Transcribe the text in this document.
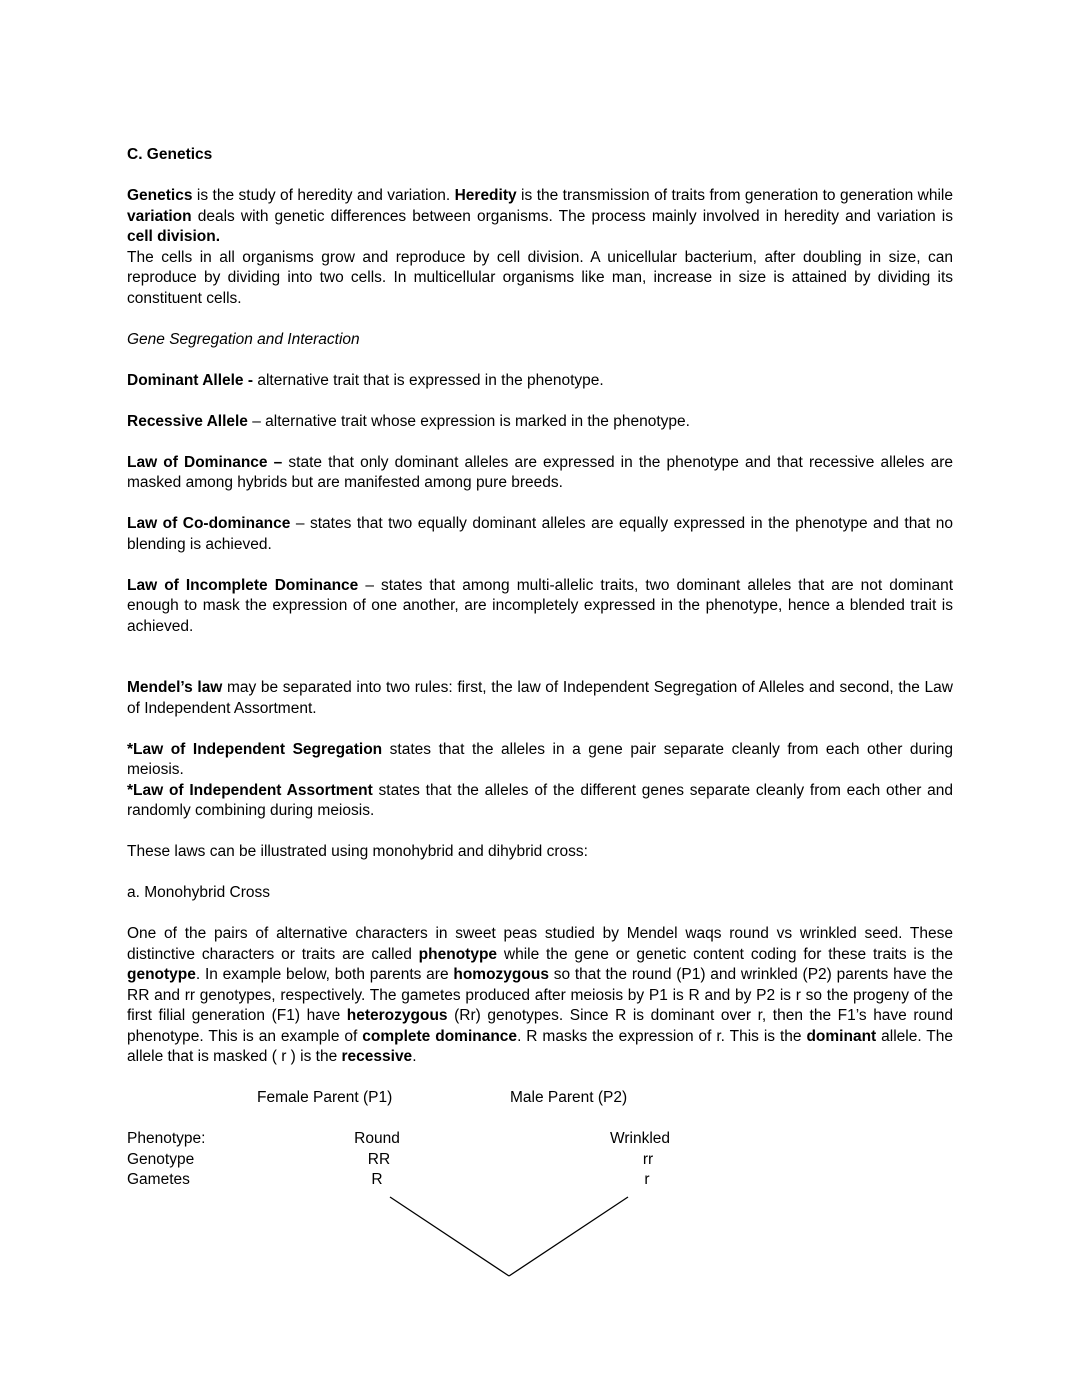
C. Genetics

Genetics is the study of heredity and variation. Heredity is the transmission of traits from generation to generation while variation deals with genetic differences between organisms. The process mainly involved in heredity and variation is cell division.

The cells in all organisms grow and reproduce by cell division. A unicellular bacterium, after doubling in size, can reproduce by dividing into two cells. In multicellular organisms like man, increase in size is attained by dividing its constituent cells.

Gene Segregation and Interaction

Dominant Allele - alternative trait that is expressed in the phenotype.

Recessive Allele – alternative trait whose expression is marked in the phenotype.

Law of Dominance – state that only dominant alleles are expressed in the phenotype and that recessive alleles are masked among hybrids but are manifested among pure breeds.

Law of Co-dominance – states that two equally dominant alleles are equally expressed in the phenotype and that no blending is achieved.

Law of Incomplete Dominance – states that among multi-allelic traits, two dominant alleles that are not dominant enough to mask the expression of one another, are incompletely expressed in the phenotype, hence a blended trait is achieved.

Mendel’s law may be separated into two rules: first, the law of Independent Segregation of Alleles and second, the Law of Independent Assortment.

*Law of Independent Segregation states that the alleles in a gene pair separate cleanly from each other during meiosis.

*Law of Independent Assortment states that the alleles of the different genes separate cleanly from each other and randomly combining during meiosis.

These laws can be illustrated using monohybrid and dihybrid cross:

a. Monohybrid Cross

One of the pairs of alternative characters in sweet peas studied by Mendel waqs round vs wrinkled seed. These distinctive characters or traits are called phenotype while the gene or genetic content coding for these traits is the genotype. In example below, both parents are homozygous so that the round (P1) and wrinkled (P2) parents have the RR and rr genotypes, respectively. The gametes produced after meiosis by P1 is R and by P2 is r so the progeny of the first filial generation (F1) have heterozygous (Rr) genotypes. Since R is dominant over r, then the F1’s have round phenotype. This is an example of complete dominance. R masks the expression of r. This is the dominant allele. The allele that is masked ( r ) is the recessive.

Female Parent (P1)	Male Parent (P2)
Phenotype:	Round	Wrinkled
Genotype	RR	rr
Gametes	R	r
